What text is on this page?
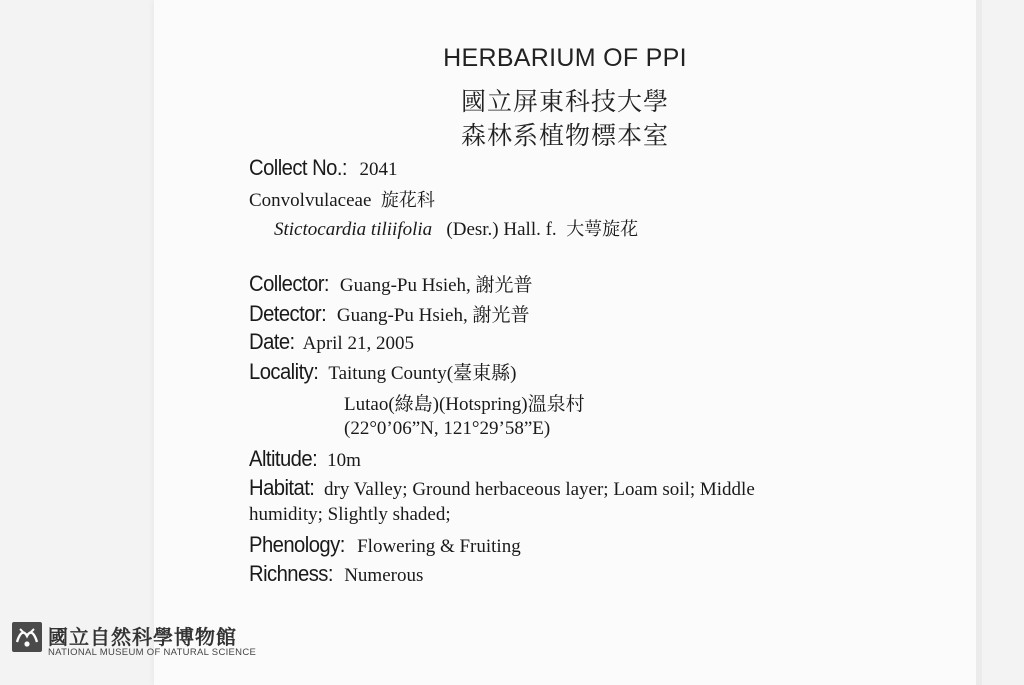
HERBARIUM OF PPI
國立屏東科技大學
森林系植物標本室
Collect No.: 2041
Convolvulaceae 旋花科
Stictocardia tiliifolia (Desr.) Hall. f. 大萼旋花
Collector: Guang-Pu Hsieh, 謝光普
Detector: Guang-Pu Hsieh, 謝光普
Date: April 21, 2005
Locality: Taitung County(臺東縣)
Lutao(綠島)(Hotspring)溫泉村
(22°0’06”N, 121°29’58”E)
Altitude: 10m
Habitat: dry Valley; Ground herbaceous layer; Loam soil; Middle
humidity; Slightly shaded;
Phenology: Flowering & Fruiting
Richness: Numerous
國立自然科學博物館
NATIONAL MUSEUM OF NATURAL SCIENCE
